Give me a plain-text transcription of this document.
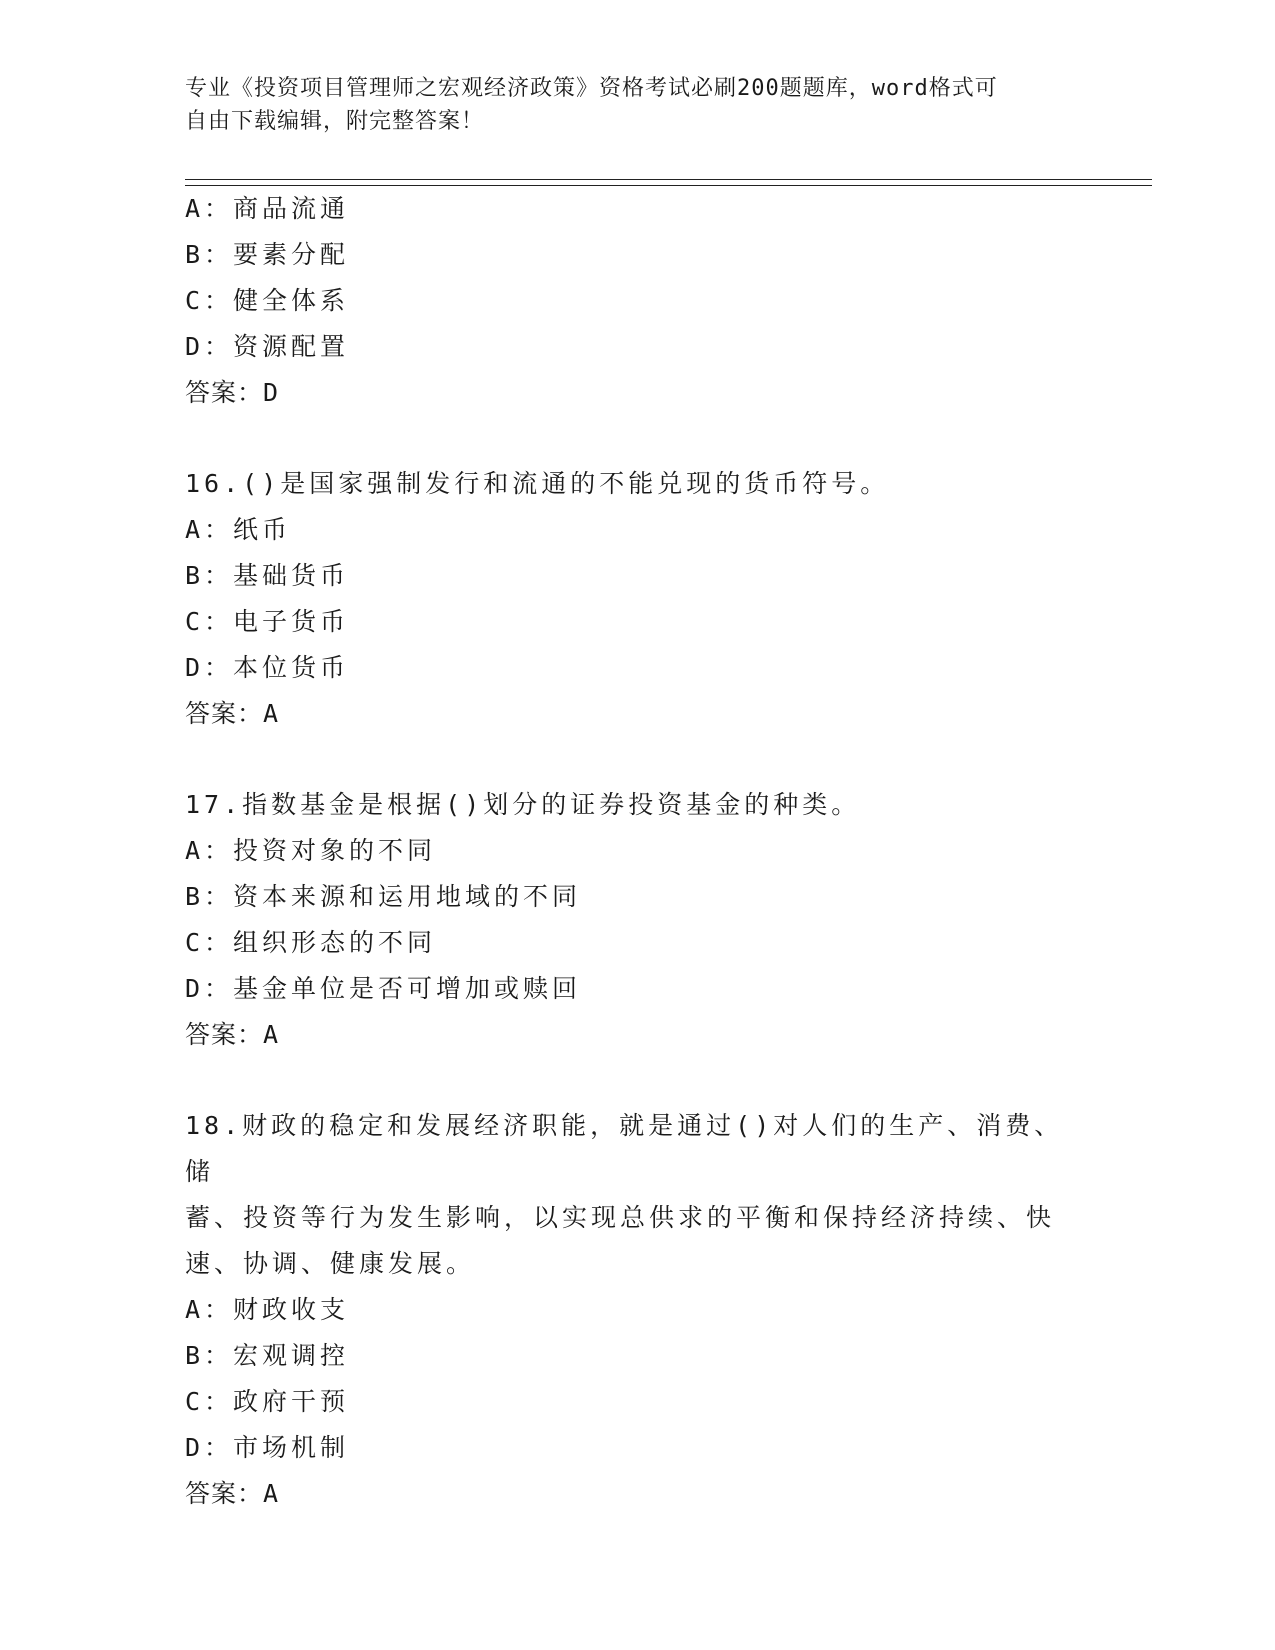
专业《投资项目管理师之宏观经济政策》资格考试必刷200题题库，word格式可
自由下载编辑，附完整答案！
A：商品流通
B：要素分配
C：健全体系
D：资源配置
答案：D
16.()是国家强制发行和流通的不能兑现的货币符号。
A：纸币
B：基础货币
C：电子货币
D：本位货币
答案：A
17.指数基金是根据()划分的证券投资基金的种类。
A：投资对象的不同
B：资本来源和运用地域的不同
C：组织形态的不同
D：基金单位是否可增加或赎回
答案：A
18.财政的稳定和发展经济职能，就是通过()对人们的生产、消费、储
蓄、投资等行为发生影响，以实现总供求的平衡和保持经济持续、快
速、协调、健康发展。
A：财政收支
B：宏观调控
C：政府干预
D：市场机制
答案：A
